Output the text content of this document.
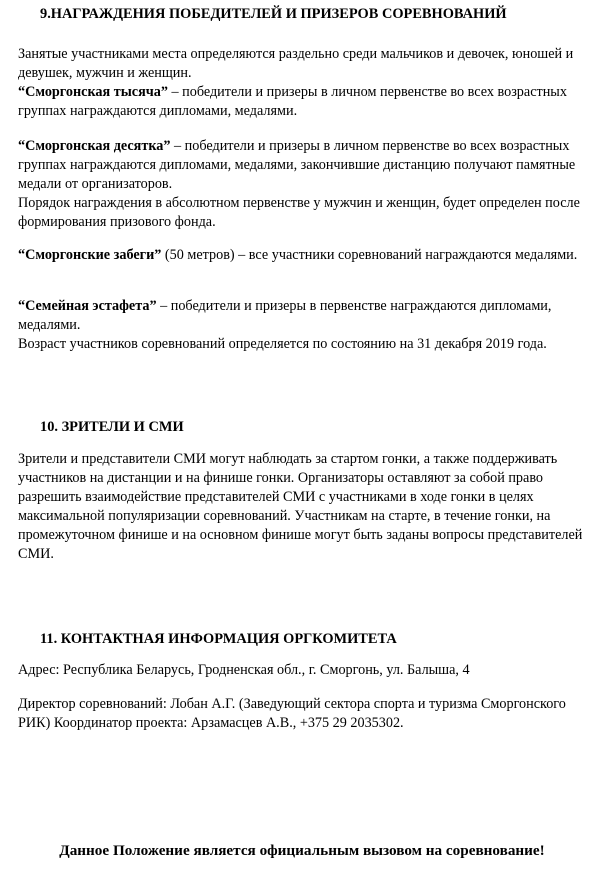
9.НАГРАЖДЕНИЯ ПОБЕДИТЕЛЕЙ И ПРИЗЕРОВ СОРЕВНОВАНИЙ

Занятые участниками места определяются раздельно среди мальчиков и девочек, юношей и девушек, мужчин и женщин.
“Сморгонская тысяча” – победители и призеры в личном первенстве во всех возрастных группах награждаются дипломами, медалями.

“Сморгонская десятка” – победители и призеры в личном первенстве во всех возрастных группах награждаются дипломами, медалями, закончившие дистанцию получают памятные медали от организаторов.
Порядок награждения в абсолютном первенстве у мужчин и женщин, будет определен после формирования призового фонда.

“Сморгонские забеги” (50 метров) – все участники соревнований награждаются медалями.

“Семейная эстафета” – победители и призеры в первенстве награждаются дипломами, медалями.
Возраст участников соревнований определяется по состоянию на 31 декабря 2019 года.

10. ЗРИТЕЛИ И СМИ

Зрители и представители СМИ могут наблюдать за стартом гонки, а также поддерживать участников на дистанции и на финише гонки. Организаторы оставляют за собой право разрешить взаимодействие представителей СМИ с участниками в ходе гонки в целях максимальной популяризации соревнований. Участникам на старте, в течение гонки, на промежуточном финише и на основном финише могут быть заданы вопросы представителей СМИ.

11. КОНТАКТНАЯ ИНФОРМАЦИЯ ОРГКОМИТЕТА

Адрес: Республика Беларусь, Гродненская обл., г. Сморгонь, ул. Балыша, 4

Директор соревнований: Лобан А.Г. (Заведующий сектора спорта и туризма Сморгонского РИК) Координатор проекта: Арзамасцев А.В., +375 29 2035302.

Данное Положение является официальным вызовом на соревнование!
